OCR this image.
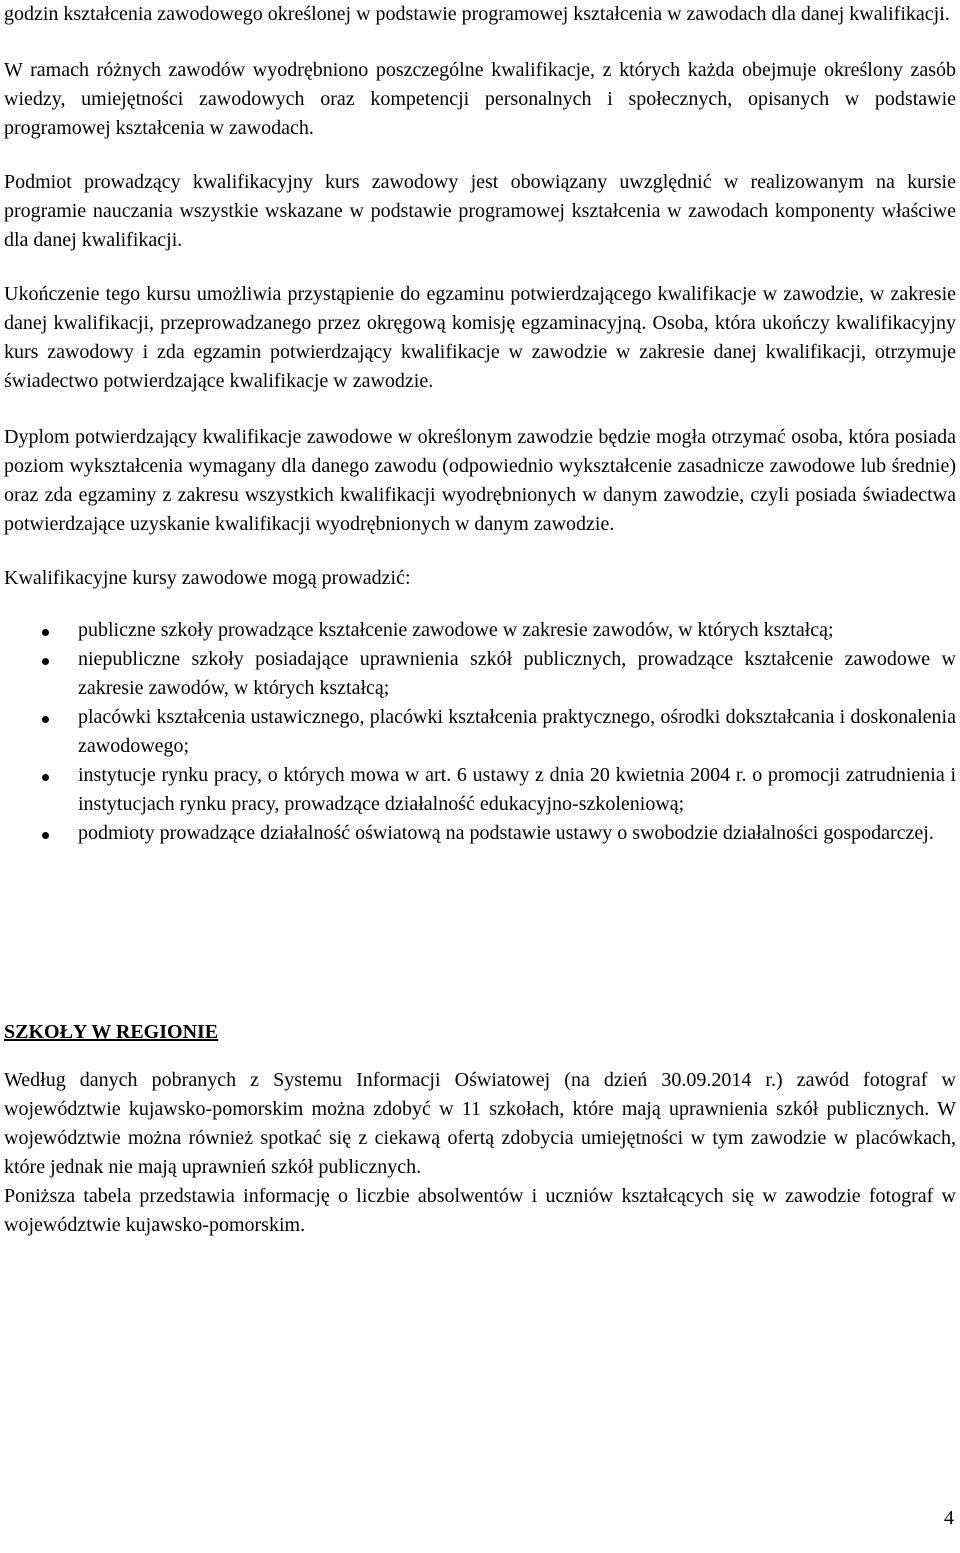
godzin kształcenia zawodowego określonej w podstawie programowej kształcenia w zawodach dla danej kwalifikacji.

W ramach różnych zawodów wyodrębniono poszczególne kwalifikacje, z których każda obejmuje określony zasób wiedzy, umiejętności zawodowych oraz kompetencji personalnych i społecznych, opisanych w podstawie programowej kształcenia w zawodach.

Podmiot prowadzący kwalifikacyjny kurs zawodowy jest obowiązany uwzględnić w realizowanym na kursie programie nauczania wszystkie wskazane w podstawie programowej kształcenia w zawodach komponenty właściwe dla danej kwalifikacji.

Ukończenie tego kursu umożliwia przystąpienie do egzaminu potwierdzającego kwalifikacje w zawodzie, w zakresie danej kwalifikacji, przeprowadzanego przez okręgową komisję egzaminacyjną. Osoba, która ukończy kwalifikacyjny kurs zawodowy i zda egzamin potwierdzający kwalifikacje w zawodzie w zakresie danej kwalifikacji, otrzymuje świadectwo potwierdzające kwalifikacje w zawodzie.

Dyplom potwierdzający kwalifikacje zawodowe w określonym zawodzie będzie mogła otrzymać osoba, która posiada poziom wykształcenia wymagany dla danego zawodu (odpowiednio wykształcenie zasadnicze zawodowe lub średnie) oraz zda egzaminy z zakresu wszystkich kwalifikacji wyodrębnionych w danym zawodzie, czyli posiada świadectwa potwierdzające uzyskanie kwalifikacji wyodrębnionych w danym zawodzie.

Kwalifikacyjne kursy zawodowe mogą prowadzić:

publiczne szkoły prowadzące kształcenie zawodowe w zakresie zawodów, w których kształcą;
niepubliczne szkoły posiadające uprawnienia szkół publicznych, prowadzące kształcenie zawodowe w zakresie zawodów, w których kształcą;
placówki kształcenia ustawicznego, placówki kształcenia praktycznego, ośrodki dokształcania i doskonalenia zawodowego;
instytucje rynku pracy, o których mowa w art. 6 ustawy z dnia 20 kwietnia 2004 r. o promocji zatrudnienia i instytucjach rynku pracy, prowadzące działalność edukacyjno-szkoleniową;
podmioty prowadzące działalność oświatową na podstawie ustawy o swobodzie działalności gospodarczej.

SZKOŁY W REGIONIE

Według danych pobranych z Systemu Informacji Oświatowej (na dzień 30.09.2014 r.) zawód fotograf w województwie kujawsko-pomorskim można zdobyć w 11 szkołach, które mają uprawnienia szkół publicznych. W województwie można również spotkać się z ciekawą ofertą zdobycia umiejętności w tym zawodzie w placówkach, które jednak nie mają uprawnień szkół publicznych.

Poniższa tabela przedstawia informację o liczbie absolwentów i uczniów kształcących się w zawodzie fotograf w województwie kujawsko-pomorskim.

4
